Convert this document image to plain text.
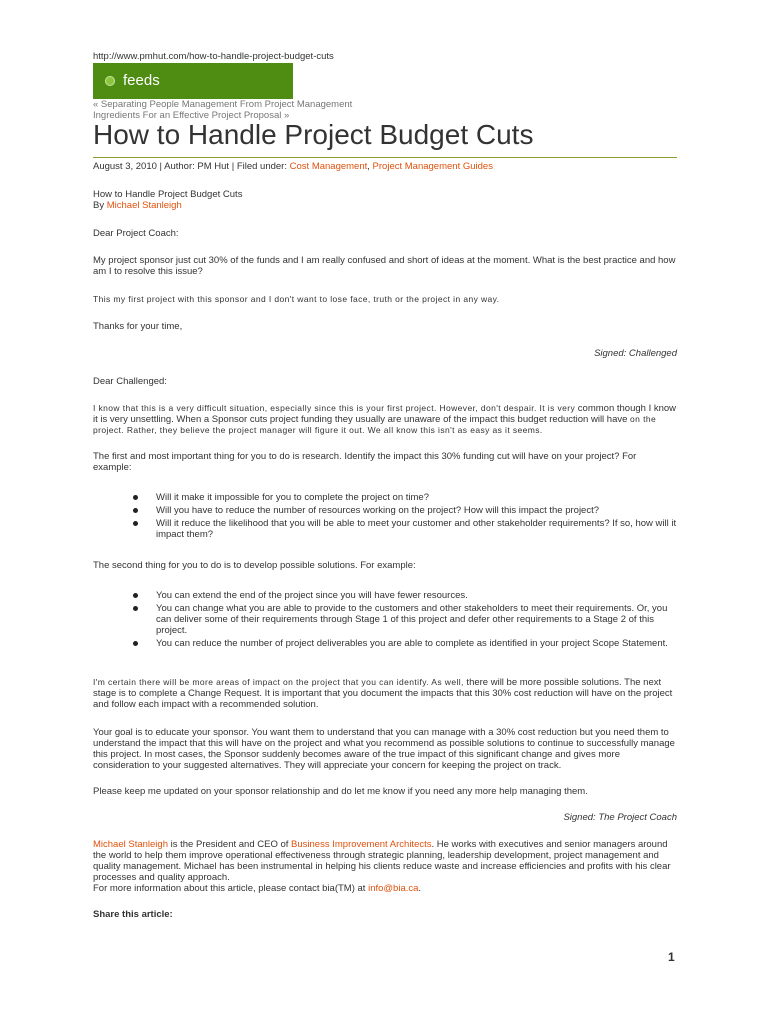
http://www.pmhut.com/how-to-handle-project-budget-cuts
feeds
« Separating People Management From Project Management
Ingredients For an Effective Project Proposal »
How to Handle Project Budget Cuts
August 3, 2010 | Author: PM Hut | Filed under: Cost Management, Project Management Guides

How to Handle Project Budget Cuts
By Michael Stanleigh

Dear Project Coach:

My project sponsor just cut 30% of the funds and I am really confused and short of ideas at the moment. What is the best practice and how am I to resolve this issue?

This my first project with this sponsor and I don't want to lose face, truth or the project in any way.

Thanks for your time,

Signed: Challenged

Dear Challenged:

I know that this is a very difficult situation, especially since this is your first project. However, don't despair. It is very common though I know it is very unsettling. When a Sponsor cuts project funding they usually are unaware of the impact this budget reduction will have on the project. Rather, they believe the project manager will figure it out. We all know this isn't as easy as it seems.

The first and most important thing for you to do is research. Identify the impact this 30% funding cut will have on your project? For example:

Will it make it impossible for you to complete the project on time?
Will you have to reduce the number of resources working on the project? How will this impact the project?
Will it reduce the likelihood that you will be able to meet your customer and other stakeholder requirements? If so, how will it impact them?

The second thing for you to do is to develop possible solutions. For example:

You can extend the end of the project since you will have fewer resources.
You can change what you are able to provide to the customers and other stakeholders to meet their requirements. Or, you can deliver some of their requirements through Stage 1 of this project and defer other requirements to a Stage 2 of this project.
You can reduce the number of project deliverables you are able to complete as identified in your project Scope Statement.

I'm certain there will be more areas of impact on the project that you can identify. As well, there will be more possible solutions. The next stage is to complete a Change Request. It is important that you document the impacts that this 30% cost reduction will have on the project and follow each impact with a recommended solution.

Your goal is to educate your sponsor. You want them to understand that you can manage with a 30% cost reduction but you need them to understand the impact that this will have on the project and what you recommend as possible solutions to continue to successfully manage this project. In most cases, the Sponsor suddenly becomes aware of the true impact of this significant change and gives more consideration to your suggested alternatives. They will appreciate your concern for keeping the project on track.

Please keep me updated on your sponsor relationship and do let me know if you need any more help managing them.

Signed: The Project Coach

Michael Stanleigh is the President and CEO of Business Improvement Architects. He works with executives and senior managers around the world to help them improve operational effectiveness through strategic planning, leadership development, project management and quality management. Michael has been instrumental in helping his clients reduce waste and increase efficiencies and profits with his clear processes and quality approach.
For more information about this article, please contact bia(TM) at info@bia.ca.

Share this article:

1
